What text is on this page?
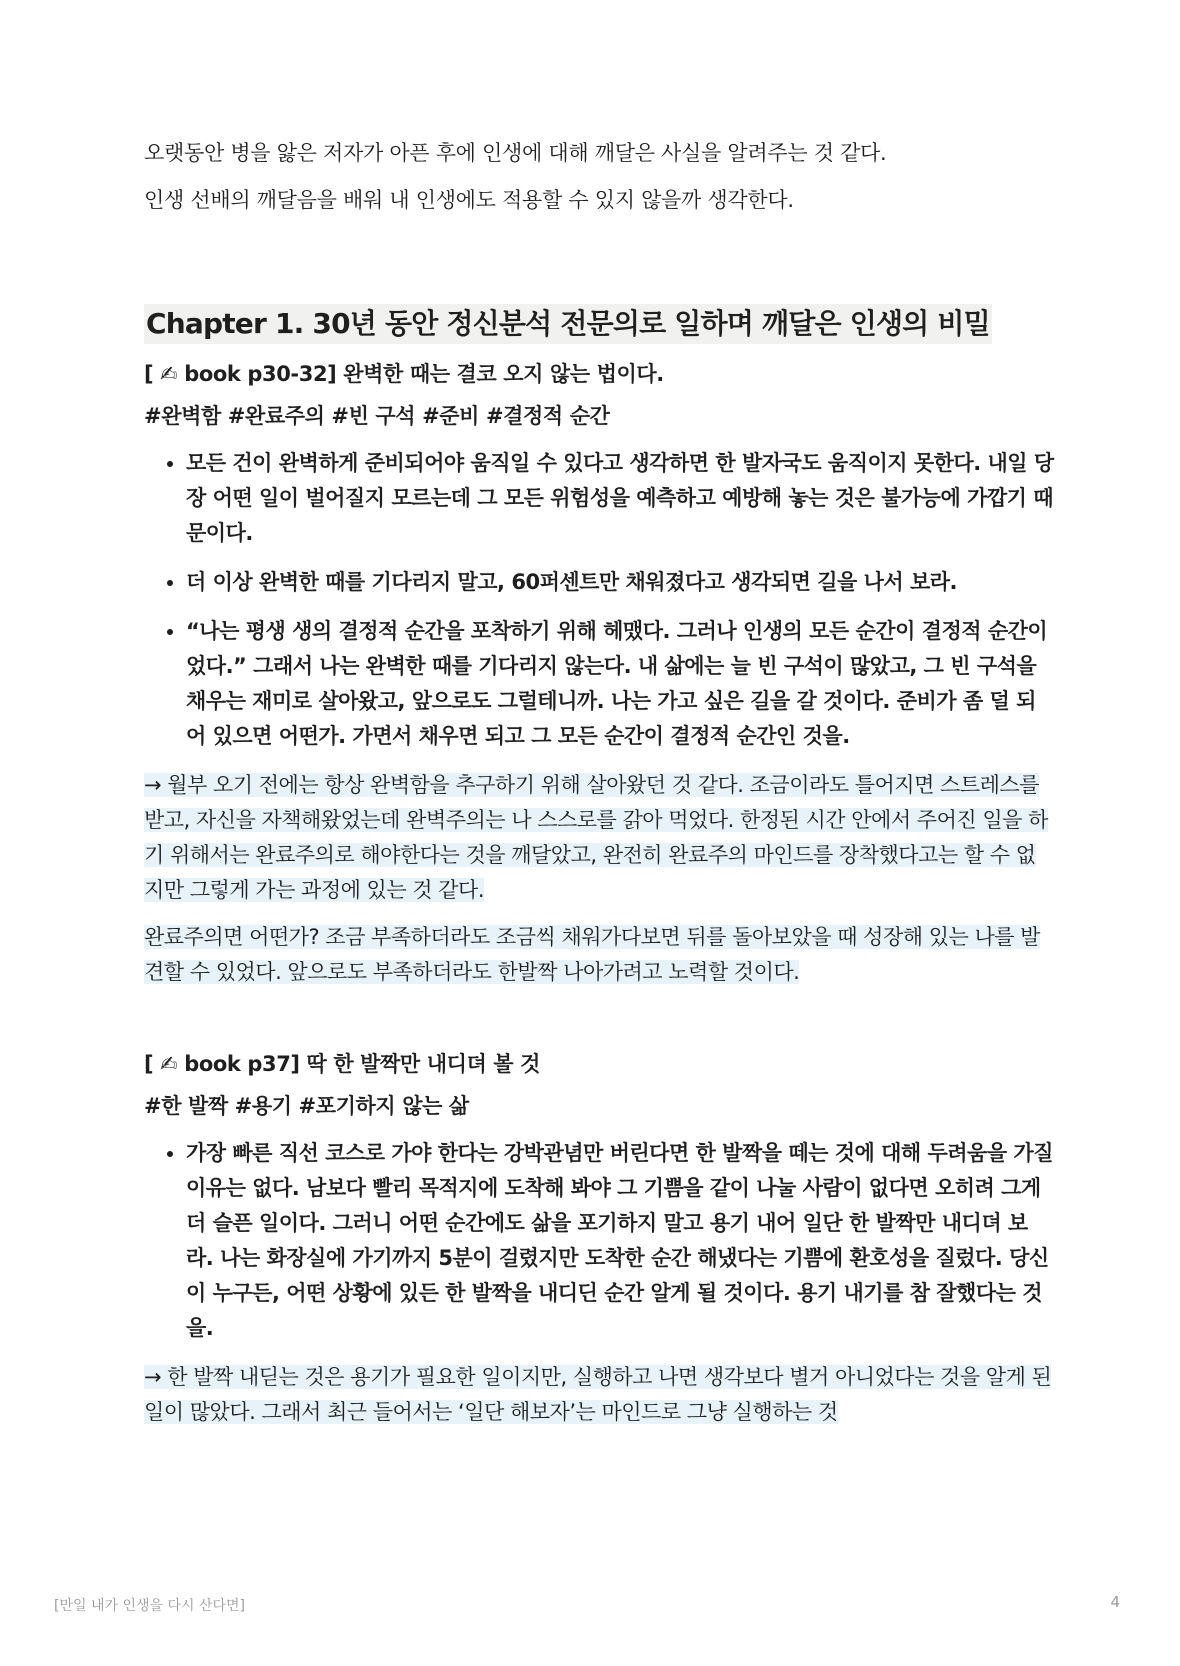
오랫동안 병을 앓은 저자가 아픈 후에 인생에 대해 깨달은 사실을 알려주는 것 같다.

인생 선배의 깨달음을 배워 내 인생에도 적용할 수 있지 않을까 생각한다.

Chapter 1. 30년 동안 정신분석 전문의로 일하며 깨달은 인생의 비밀

[ ✍ book p30-32] 완벽한 때는 결코 오지 않는 법이다.

#완벽함 #완료주의 #빈 구석 #준비 #결정적 순간

• 모든 건이 완벽하게 준비되어야 움직일 수 있다고 생각하면 한 발자국도 움직이지 못한다. 내일 당장 어떤 일이 벌어질지 모르는데 그 모든 위험성을 예측하고 예방해 놓는 것은 불가능에 가깝기 때문이다.
• 더 이상 완벽한 때를 기다리지 말고, 60퍼센트만 채워졌다고 생각되면 길을 나서 보라.
• “나는 평생 생의 결정적 순간을 포착하기 위해 헤맸다. 그러나 인생의 모든 순간이 결정적 순간이었다.” 그래서 나는 완벽한 때를 기다리지 않는다. 내 삶에는 늘 빈 구석이 많았고, 그 빈 구석을 채우는 재미로 살아왔고, 앞으로도 그럴테니까. 나는 가고 싶은 길을 갈 것이다. 준비가 좀 덜 되어 있으면 어떤가. 가면서 채우면 되고 그 모든 순간이 결정적 순간인 것을.

→ 월부 오기 전에는 항상 완벽함을 추구하기 위해 살아왔던 것 같다. 조금이라도 틀어지면 스트레스를 받고, 자신을 자책해왔었는데 완벽주의는 나 스스로를 갉아 먹었다. 한정된 시간 안에서 주어진 일을 하기 위해서는 완료주의로 해야한다는 것을 깨달았고, 완전히 완료주의 마인드를 장착했다고는 할 수 없지만 그렇게 가는 과정에 있는 것 같다.

완료주의면 어떤가? 조금 부족하더라도 조금씩 채워가다보면 뒤를 돌아보았을 때 성장해 있는 나를 발견할 수 있었다. 앞으로도 부족하더라도 한발짝 나아가려고 노력할 것이다.

[ ✍ book p37] 딱 한 발짝만 내디뎌 볼 것

#한 발짝 #용기 #포기하지 않는 삶

• 가장 빠른 직선 코스로 가야 한다는 강박관념만 버린다면 한 발짝을 떼는 것에 대해 두려움을 가질 이유는 없다. 남보다 빨리 목적지에 도착해 봐야 그 기쁨을 같이 나눌 사람이 없다면 오히려 그게 더 슬픈 일이다. 그러니 어떤 순간에도 삶을 포기하지 말고 용기 내어 일단 한 발짝만 내디뎌 보라. 나는 화장실에 가기까지 5분이 걸렸지만 도착한 순간 해냈다는 기쁨에 환호성을 질렀다. 당신이 누구든, 어떤 상황에 있든 한 발짝을 내디딘 순간 알게 될 것이다. 용기 내기를 참 잘했다는 것을.

→ 한 발짝 내딛는 것은 용기가 필요한 일이지만, 실행하고 나면 생각보다 별거 아니었다는 것을 알게 된 일이 많았다. 그래서 최근 들어서는 ‘일단 해보자’는 마인드로 그냥 실행하는 것

[만일 내가 인생을 다시 산다면]	4
